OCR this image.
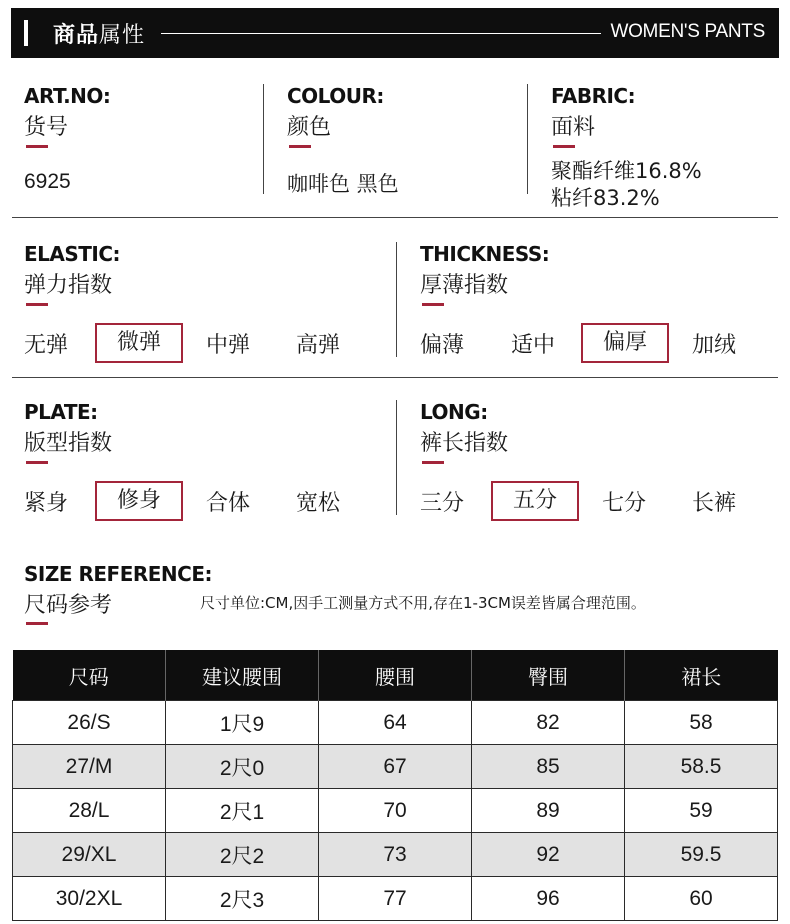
商品属性	WOMEN'S PANTS
ART.NO:
货号
6925
COLOUR:
颜色
咖啡色 黑色
FABRIC:
面料
聚酯纤维16.8%
粘纤83.2%
ELASTIC:
弹力指数
无弹	微弹	中弹 高弹
THICKNESS:
厚薄指数
偏薄 适中	偏厚	加绒
PLATE:
版型指数
紧身	修身	合体 宽松
LONG:
裤长指数
三分	五分	七分 长裤
SIZE REFERENCE:
尺码参考	尺寸单位:CM,因手工测量方式不用,存在1-3CM误差皆属合理范围。
尺码	建议腰围	腰围	臀围	裙长
26/S	1尺9	64	82	58
27/M	2尺0	67	85	58.5
28/L	2尺1	70	89	59
29/XL	2尺2	73	92	59.5
30/2XL	2尺3	77	96	60
